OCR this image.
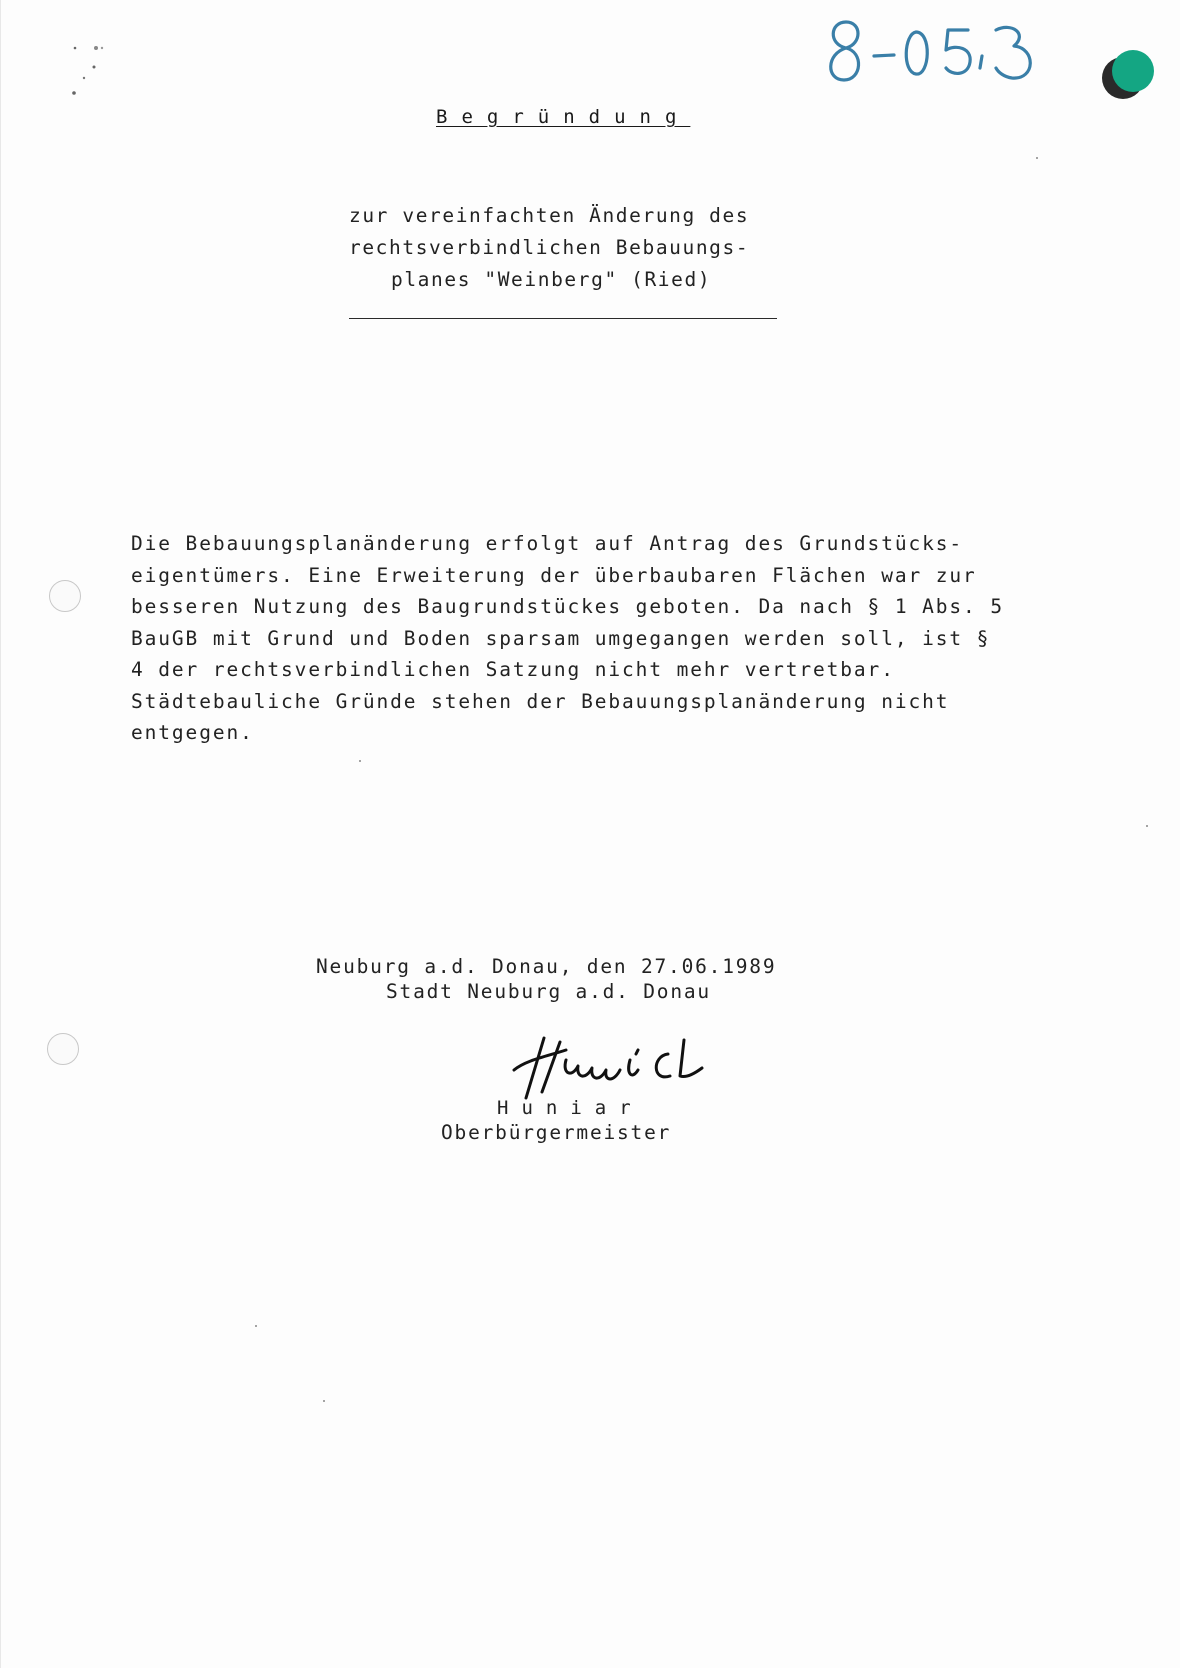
Begründung
zur vereinfachten Änderung des
rechtsverbindlichen Bebauungs-
planes "Weinberg" (Ried)
Die Bebauungsplanänderung erfolgt auf Antrag des Grundstücks-
eigentümers. Eine Erweiterung der überbaubaren Flächen war zur
besseren Nutzung des Baugrundstückes geboten. Da nach § 1 Abs. 5
BauGB mit Grund und Boden sparsam umgegangen werden soll, ist §
4 der rechtsverbindlichen Satzung nicht mehr vertretbar.
Städtebauliche Gründe stehen der Bebauungsplanänderung nicht
entgegen.
Neuburg a.d. Donau, den 27.06.1989
Stadt Neuburg a.d. Donau
Huniar
Oberbürgermeister
